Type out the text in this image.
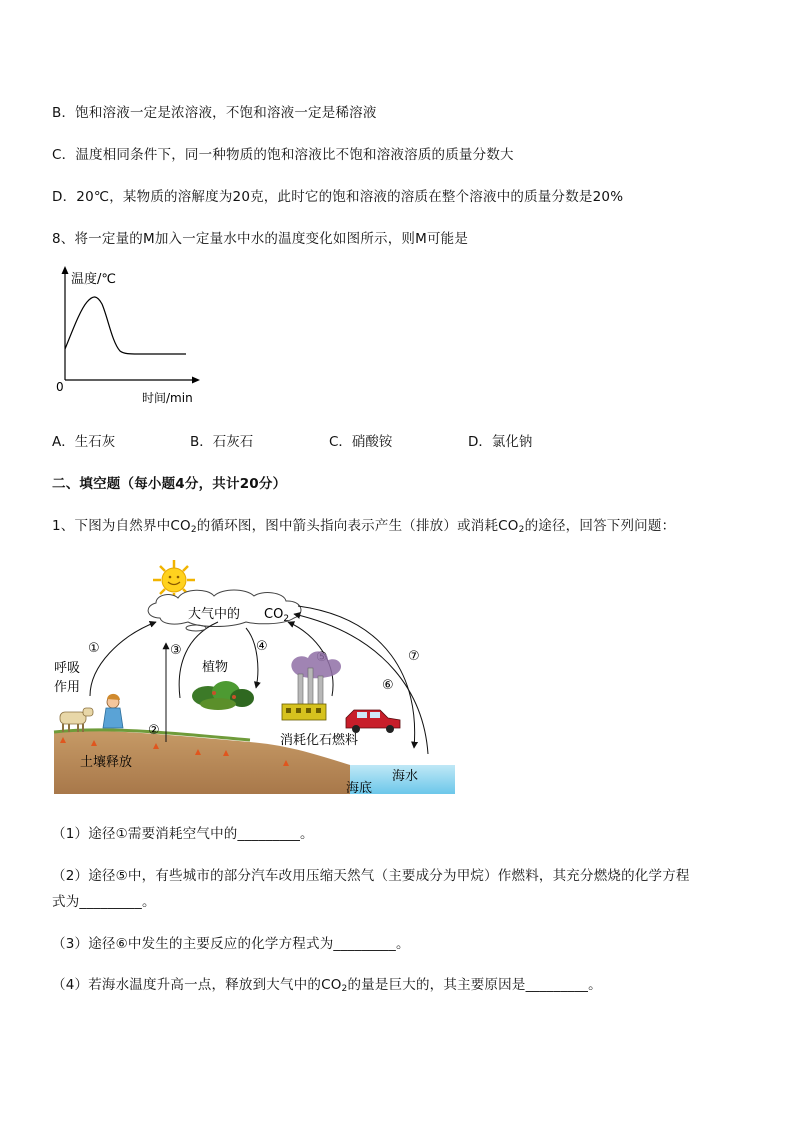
B．饱和溶液一定是浓溶液，不饱和溶液一定是稀溶液
C．温度相同条件下，同一种物质的饱和溶液比不饱和溶液溶质的质量分数大
D．20℃，某物质的溶解度为20克，此时它的饱和溶液的溶质在整个溶液中的质量分数是20%
8、将一定量的M加入一定量水中水的温度变化如图所示，则M可能是
温度/℃
0
时间/min
A．生石灰	B．石灰石	C．硝酸铵	D．氯化钠
二、填空题（每小题4分，共计20分）
1、下图为自然界中$CO_2$的循环图，图中箭头指向表示产生（排放）或消耗$CO_2$的途径，回答下列问题：
大气中的 $CO_2$
①
②
③	④
⑥
⑦
呼吸
作用
植物
土壤释放
消耗化石燃料
海水
海底
（1）途径①需要消耗空气中的_________。
（2）途径⑤中，有些城市的部分汽车改用压缩天然气（主要成分为甲烷）作燃料，其充分燃烧的化学方程
式为_________。
（3）途径⑥中发生的主要反应的化学方程式为_________。
（4）若海水温度升高一点，释放到大气中的$CO_2$的量是巨大的，其主要原因是_________。
